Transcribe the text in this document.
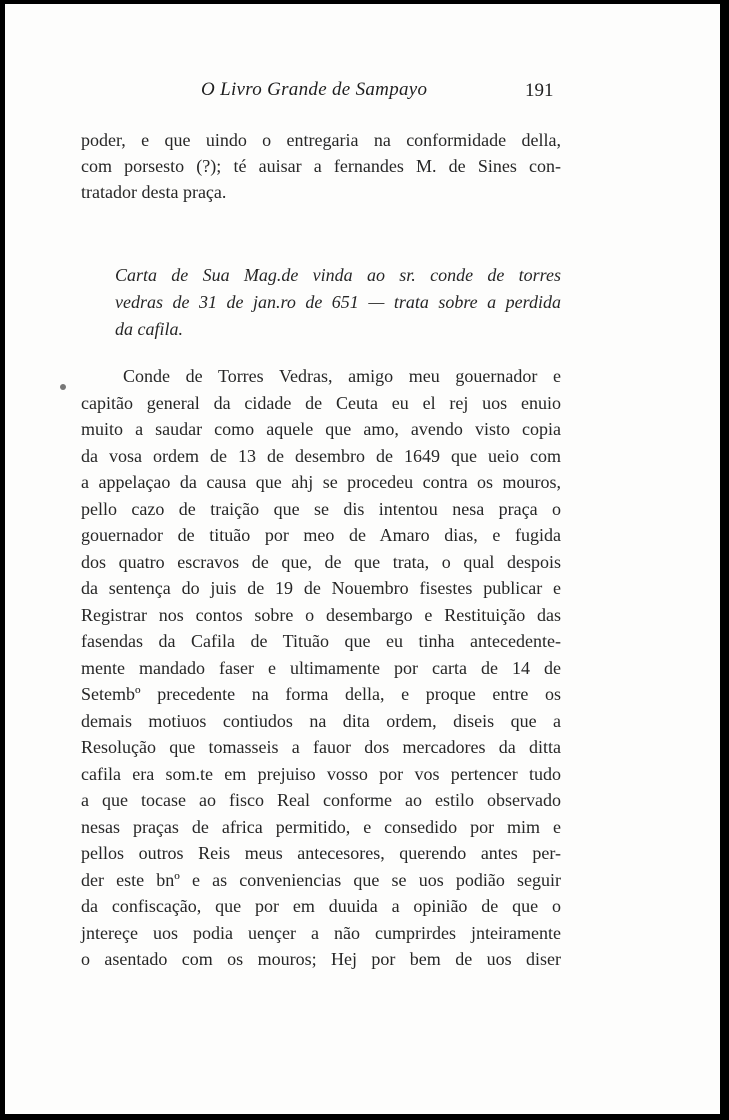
O Livro Grande de Sampayo	191
poder, e que uindo o entregaria na conformidade della,
com porsesto (?); té auisar a fernandes M. de Sines con-
tratador desta praça.
Carta de Sua Mag.de vinda ao sr. conde de torres
vedras de 31 de jan.ro de 651 — trata sobre a perdida
da cafila.
Conde de Torres Vedras, amigo meu gouernador e
capitão general da cidade de Ceuta eu el rej uos enuio
muito a saudar como aquele que amo, avendo visto copia
da vosa ordem de 13 de desembro de 1649 que ueio com
a appelaçao da causa que ahj se procedeu contra os mouros,
pello cazo de traição que se dis intentou nesa praça o
gouernador de tituão por meo de Amaro dias, e fugida
dos quatro escravos de que, de que trata, o qual despois
da sentença do juis de 19 de Nouembro fisestes publicar e
Registrar nos contos sobre o desembargo e Restituição das
fasendas da Cafila de Tituão que eu tinha antecedente-
mente mandado faser e ultimamente por carta de 14 de
Setembº precedente na forma della, e proque entre os
demais motiuos contiudos na dita ordem, diseis que a
Resolução que tomasseis a fauor dos mercadores da ditta
cafila era som.te em prejuiso vosso por vos pertencer tudo
a que tocase ao fisco Real conforme ao estilo observado
nesas praças de africa permitido, e consedido por mim e
pellos outros Reis meus antecesores, querendo antes per-
der este bnº e as conveniencias que se uos podião seguir
da confiscação, que por em duuida a opinião de que o
jntereçe uos podia uençer a não cumprirdes jnteiramente
o asentado com os mouros; Hej por bem de uos diser
